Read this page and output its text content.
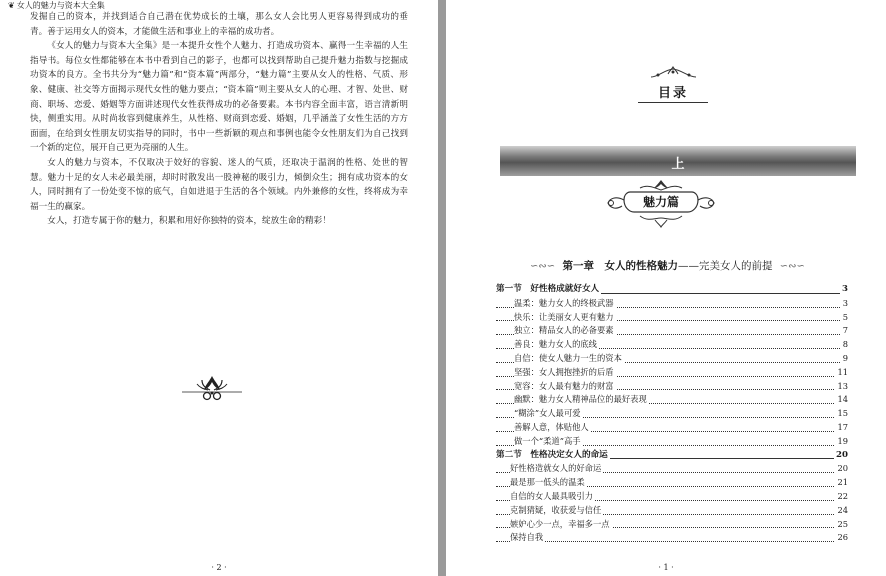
❦ 女人的魅力与资本大全集

发掘自己的资本，并找到适合自己潜在优势成长的土壤，那么女人会比男人更容易得到成功的垂青。善于运用女人的资本，才能做生活和事业上的幸福的成功者。

《女人的魅力与资本大全集》是一本提升女性个人魅力、打造成功资本、赢得一生幸福的人生指导书。每位女性都能够在本书中看到自己的影子，也都可以找到帮助自己提升魅力指数与挖掘成功资本的良方。全书共分为“魅力篇”和“资本篇”两部分，“魅力篇”主要从女人的性格、气质、形象、健康、社交等方面揭示现代女性的魅力要点；“资本篇”则主要从女人的心理、才智、处世、财商、职场、恋爱、婚姻等方面讲述现代女性获得成功的必备要素。本书内容全面丰富，语言清新明快，侧重实用。从时尚妆容到健康养生，从性格、财商到恋爱、婚姻，几乎涵盖了女性生活的方方面面，在给到女性朋友切实指导的同时，书中一些新颖的观点和事例也能令女性朋友们为自己找到一个新的定位，展开自己更为亮丽的人生。

女人的魅力与资本，不仅取决于姣好的容貌、迷人的气质，还取决于温润的性格、处世的智慧。魅力十足的女人未必最美丽，却时时散发出一股神秘的吸引力，倾倒众生；拥有成功资本的女人，同时拥有了一份处变不惊的底气，自如进退于生活的各个领域。内外兼修的女性，终将成为幸福一生的赢家。

女人，打造专属于你的魅力，积累和用好你独特的资本，绽放生命的精彩！

· 2 ·
目录
上
魅力篇
∽∾∽ 第一章　女人的性格魅力——完美女人的前提 ∽∾∽
第一节　好性格成就好女人	3
温柔：魅力女人的终极武器	3
快乐：让美丽女人更有魅力	5
独立：精品女人的必备要素	7
善良：魅力女人的底线	8
自信：使女人魅力一生的资本	9
坚强：女人拥抱挫折的后盾	11
宽容：女人最有魅力的财富	13
幽默：魅力女人精神品位的最好表现	14
“糊涂”女人最可爱	15
善解人意，体贴他人	17
做一个“柔道”高手	19
第二节　性格决定女人的命运	20
好性格造就女人的好命运	20
最是那一低头的温柔	21
自信的女人最具吸引力	22
克制猜疑，收获爱与信任	24
嫉妒心少一点，幸福多一点	25
保持自我	26
· 1 ·
